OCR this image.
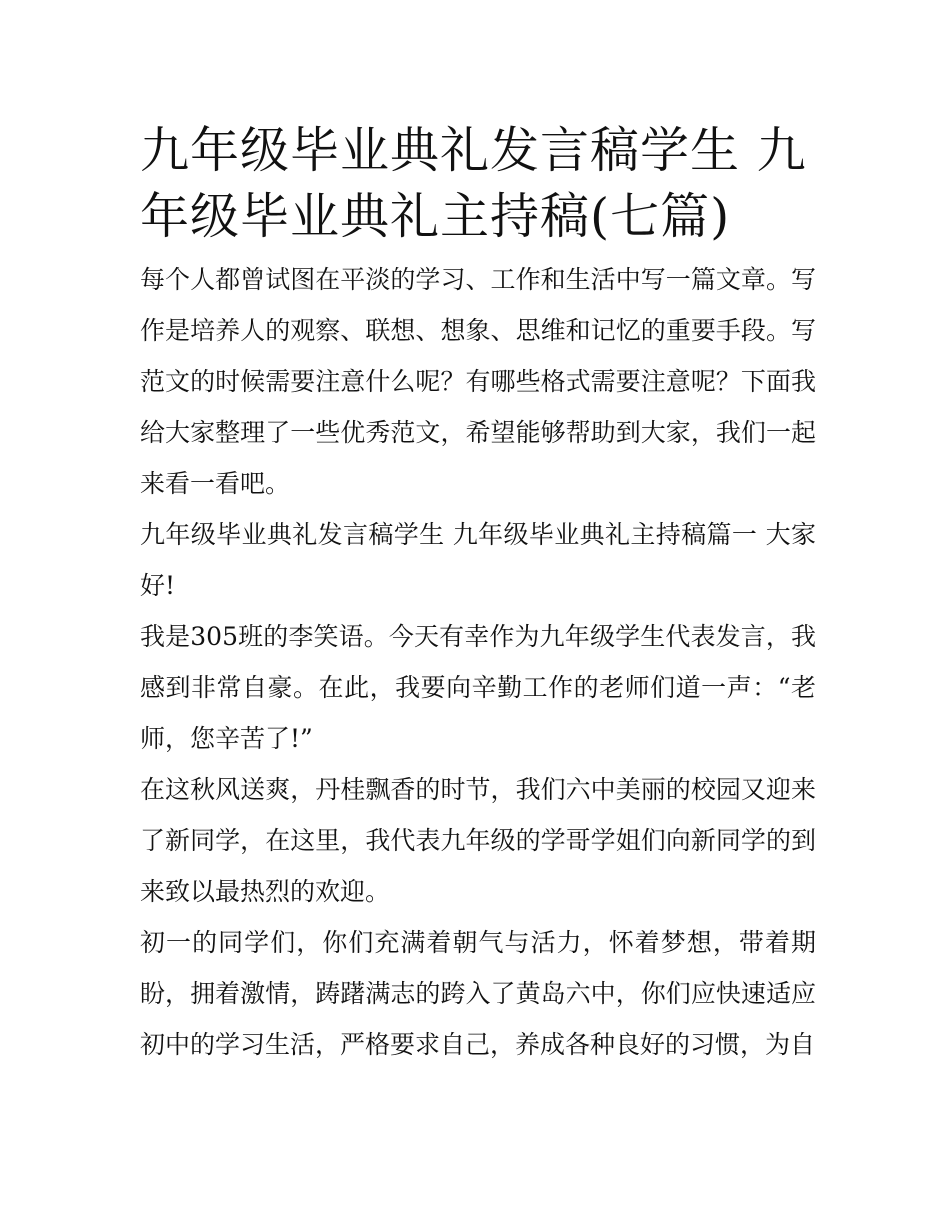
九年级毕业典礼发言稿学生 九年级毕业典礼主持稿(七篇)

每个人都曾试图在平淡的学习、工作和生活中写一篇文章。写作是培养人的观察、联想、想象、思维和记忆的重要手段。写范文的时候需要注意什么呢？有哪些格式需要注意呢？下面我给大家整理了一些优秀范文，希望能够帮助到大家，我们一起来看一看吧。

九年级毕业典礼发言稿学生 九年级毕业典礼主持稿篇一 大家好!

我是305班的李笑语。今天有幸作为九年级学生代表发言，我感到非常自豪。在此，我要向辛勤工作的老师们道一声：“老师，您辛苦了!”

在这秋风送爽，丹桂飘香的时节，我们六中美丽的校园又迎来了新同学，在这里，我代表九年级的学哥学姐们向新同学的到来致以最热烈的欢迎。

初一的同学们，你们充满着朝气与活力，怀着梦想，带着期盼，拥着激情，踌躇满志的跨入了黄岛六中，你们应快速适应初中的学习生活，严格要求自己，养成各种良好的习惯，为自
